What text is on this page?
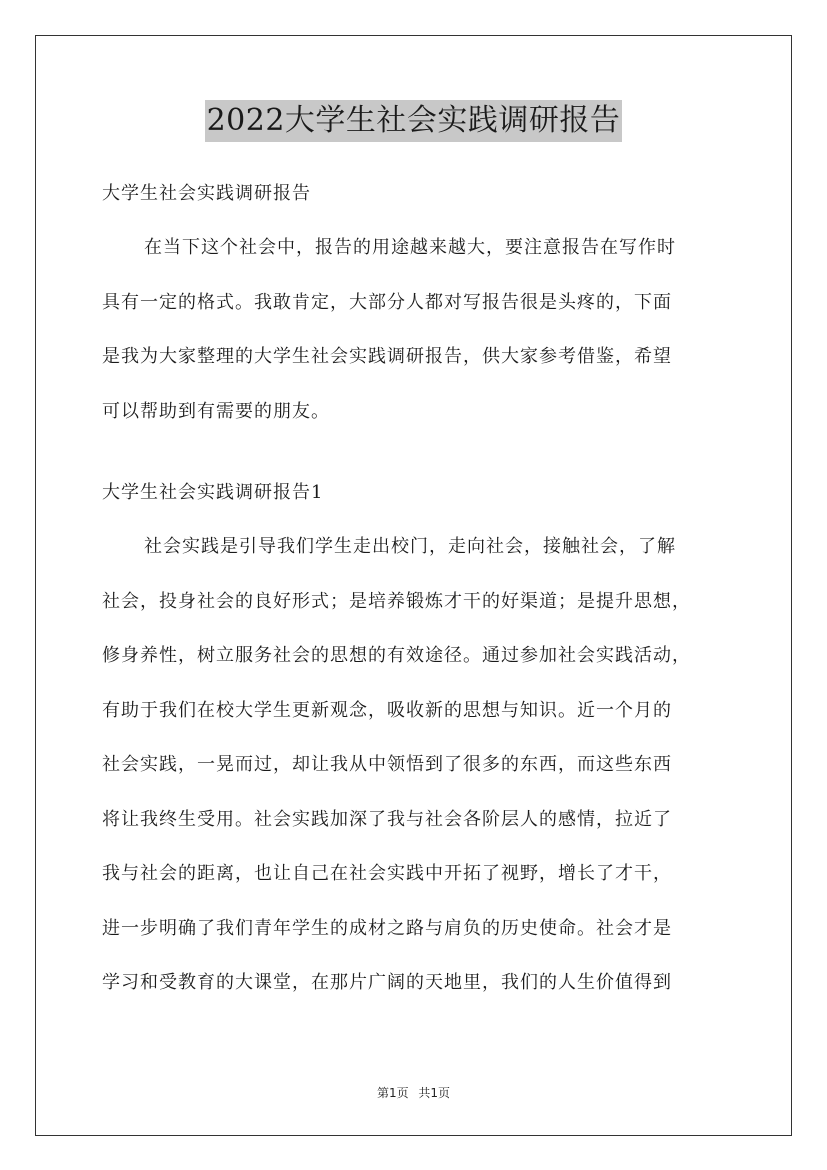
2022大学生社会实践调研报告

大学生社会实践调研报告

在当下这个社会中，报告的用途越来越大，要注意报告在写作时

具有一定的格式。我敢肯定，大部分人都对写报告很是头疼的，下面

是我为大家整理的大学生社会实践调研报告，供大家参考借鉴，希望

可以帮助到有需要的朋友。

大学生社会实践调研报告1

社会实践是引导我们学生走出校门，走向社会，接触社会，了解

社会，投身社会的良好形式；是培养锻炼才干的好渠道；是提升思想，

修身养性，树立服务社会的思想的有效途径。通过参加社会实践活动，

有助于我们在校大学生更新观念，吸收新的思想与知识。近一个月的

社会实践，一晃而过，却让我从中领悟到了很多的东西，而这些东西

将让我终生受用。社会实践加深了我与社会各阶层人的感情，拉近了

我与社会的距离，也让自己在社会实践中开拓了视野，增长了才干，

进一步明确了我们青年学生的成材之路与肩负的历史使命。社会才是

学习和受教育的大课堂，在那片广阔的天地里，我们的人生价值得到

第1页 共1页
